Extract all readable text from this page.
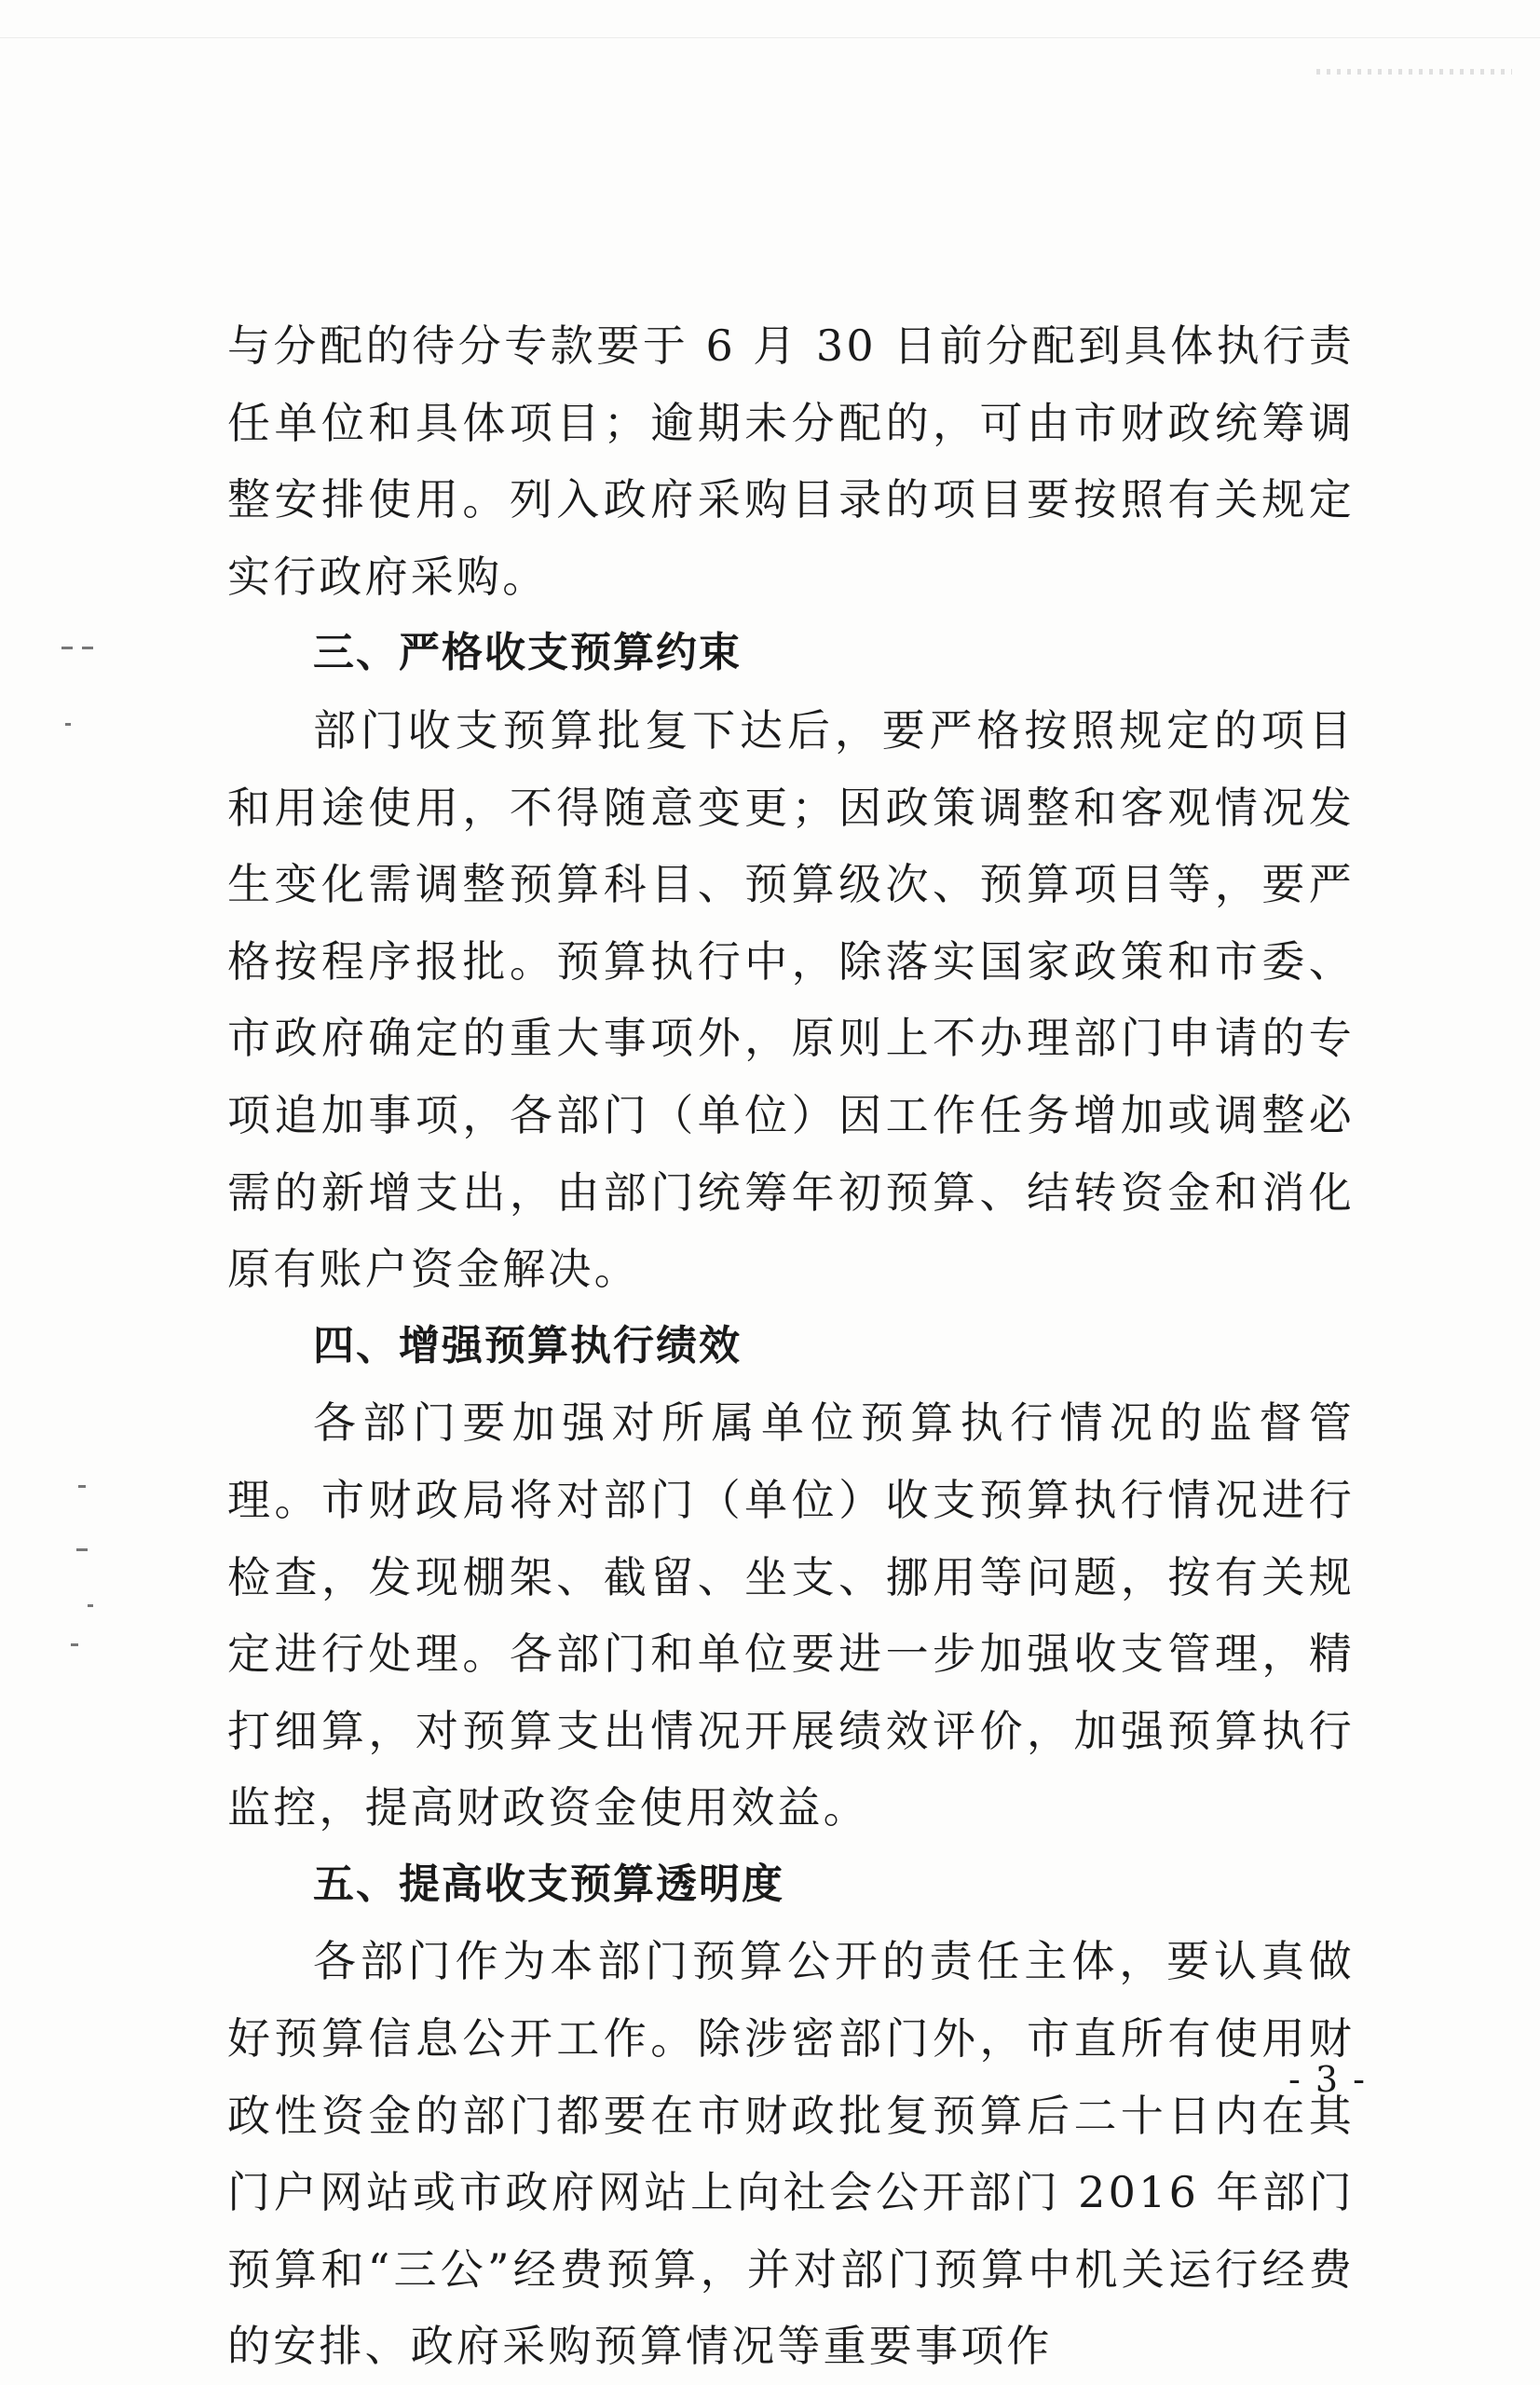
与分配的待分专款要于 6 月 30 日前分配到具体执行责任单位和具体项目；逾期未分配的，可由市财政统筹调整安排使用。列入政府采购目录的项目要按照有关规定实行政府采购。

三、严格收支预算约束

部门收支预算批复下达后，要严格按照规定的项目和用途使用，不得随意变更；因政策调整和客观情况发生变化需调整预算科目、预算级次、预算项目等，要严格按程序报批。预算执行中，除落实国家政策和市委、市政府确定的重大事项外，原则上不办理部门申请的专项追加事项，各部门（单位）因工作任务增加或调整必需的新增支出，由部门统筹年初预算、结转资金和消化原有账户资金解决。

四、增强预算执行绩效

各部门要加强对所属单位预算执行情况的监督管理。市财政局将对部门（单位）收支预算执行情况进行检查，发现棚架、截留、坐支、挪用等问题，按有关规定进行处理。各部门和单位要进一步加强收支管理，精打细算，对预算支出情况开展绩效评价，加强预算执行监控，提高财政资金使用效益。

五、提高收支预算透明度

各部门作为本部门预算公开的责任主体，要认真做好预算信息公开工作。除涉密部门外，市直所有使用财政性资金的部门都要在市财政批复预算后二十日内在其门户网站或市政府网站上向社会公开部门 2016 年部门预算和“三公”经费预算，并对部门预算中机关运行经费的安排、政府采购预算情况等重要事项作

- 3 -
